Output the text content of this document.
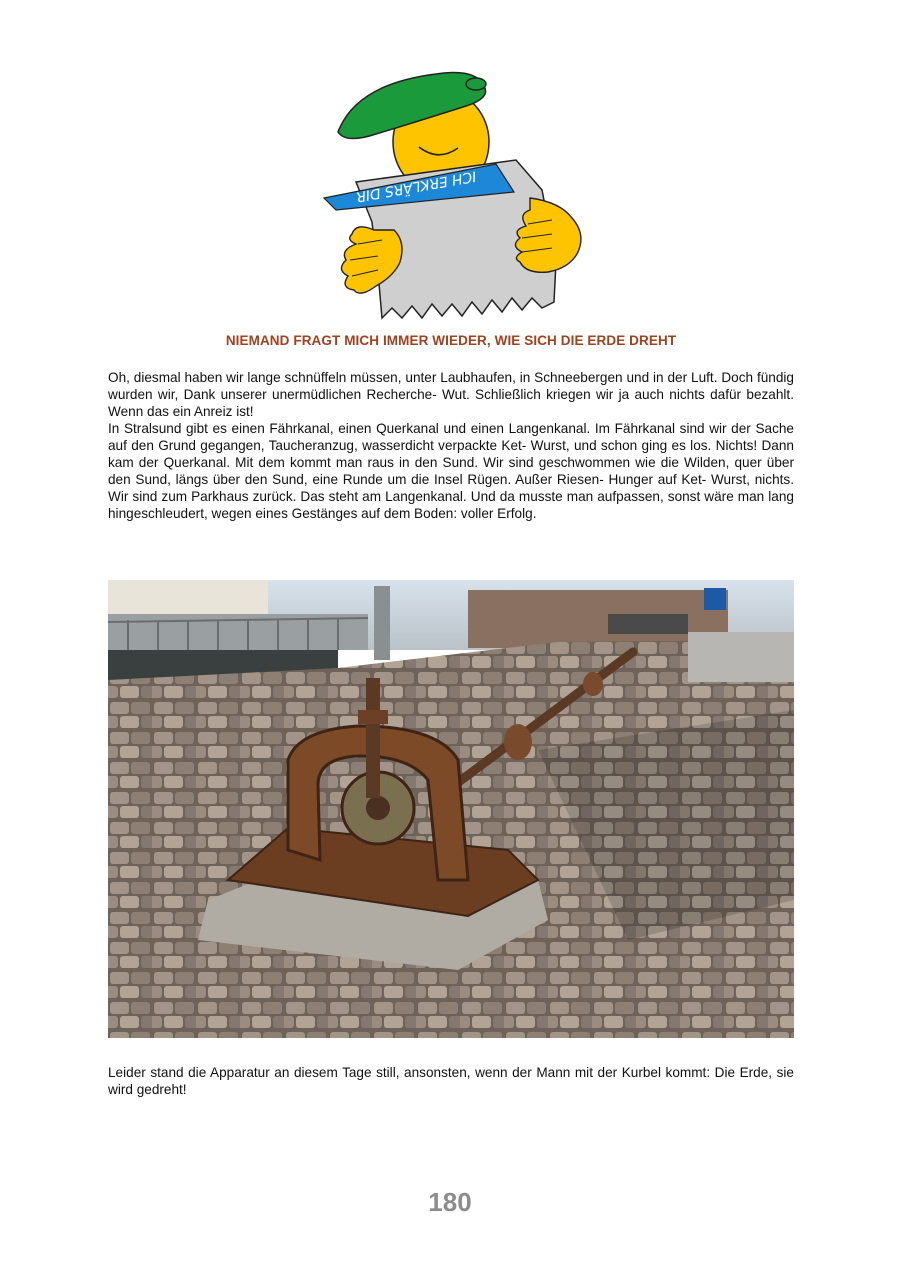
ICH ERKLÄRS DIR
NIEMAND FRAGT MICH IMMER WIEDER, WIE SICH DIE ERDE DREHT

Oh, diesmal haben wir lange schnüffeln müssen, unter Laubhaufen, in Schneebergen und in der Luft. Doch fündig wurden wir, Dank unserer unermüdlichen Recherche- Wut. Schließlich kriegen wir ja auch nichts dafür bezahlt. Wenn das ein Anreiz ist!

In Stralsund gibt es einen Fährkanal, einen Querkanal und einen Langenkanal. Im Fährkanal sind wir der Sache auf den Grund gegangen, Taucheranzug, wasserdicht verpackte Ket- Wurst, und schon ging es los. Nichts! Dann kam der Querkanal. Mit dem kommt man raus in den Sund. Wir sind geschwommen wie die Wilden, quer über den Sund, längs über den Sund, eine Runde um die Insel Rügen. Außer Riesen- Hunger auf Ket- Wurst, nichts. Wir sind zum Parkhaus zurück. Das steht am Langenkanal. Und da musste man aufpassen, sonst wäre man lang hingeschleudert, wegen eines Gestänges auf dem Boden: voller Erfolg.

Leider stand die Apparatur an diesem Tage still, ansonsten, wenn der Mann mit der Kurbel kommt: Die Erde, sie wird gedreht!

180
